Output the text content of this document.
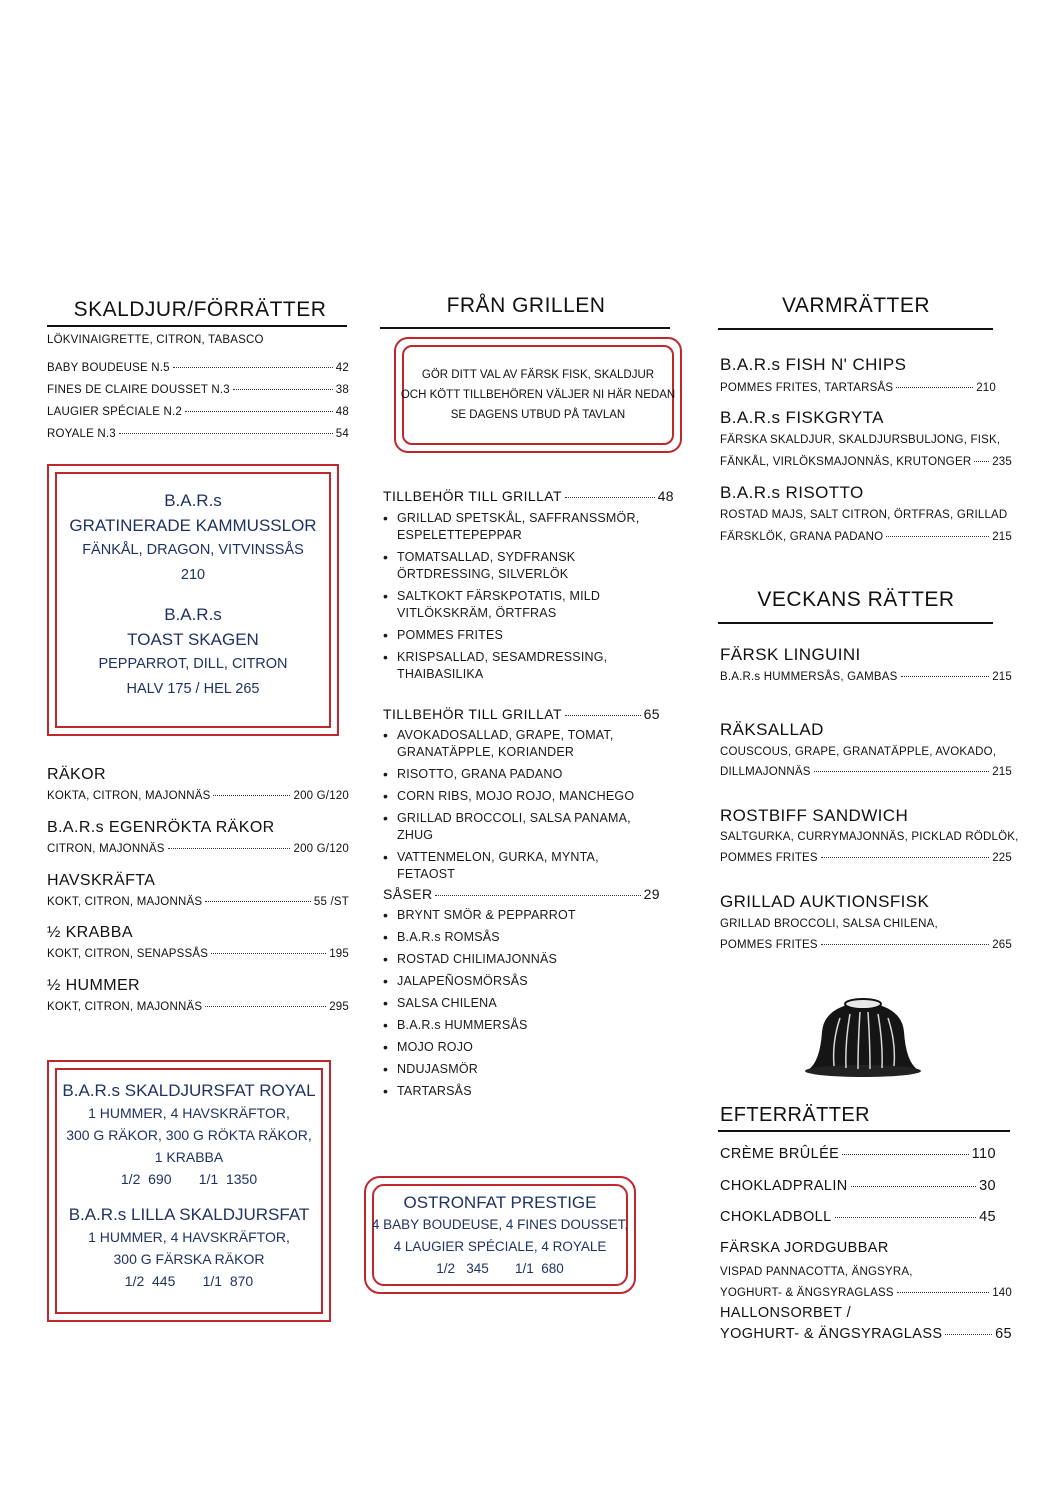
SKALDJUR/FÖRRÄTTER
LÖKVINAIGRETTE, CITRON, TABASCO
BABY BOUDEUSE N.5	42
FINES DE CLAIRE DOUSSET N.3	38
LAUGIER SPÉCIALE N.2	48
ROYALE N.3	54
B.A.R.s
GRATINERADE KAMMUSSLOR
FÄNKÅL, DRAGON, VITVINSSÅS
210
B.A.R.s
TOAST SKAGEN
PEPPARROT, DILL, CITRON
HALV 175 / HEL 265
RÄKOR
KOKTA, CITRON, MAJONNÄS	200 G/120
B.A.R.s EGENRÖKTA RÄKOR
CITRON, MAJONNÄS	200 G/120
HAVSKRÄFTA
KOKT, CITRON, MAJONNÄS	55 /ST
½ KRABBA
KOKT, CITRON, SENAPSSÅS	195
½ HUMMER
KOKT, CITRON, MAJONNÄS	295
B.A.R.s SKALDJURSFAT ROYAL
1 HUMMER, 4 HAVSKRÄFTOR,
300 G RÄKOR, 300 G RÖKTA RÄKOR,
1 KRABBA
1/2  690       1/1  1350
B.A.R.s LILLA SKALDJURSFAT
1 HUMMER, 4 HAVSKRÄFTOR,
300 G FÄRSKA RÄKOR
1/2  445       1/1  870
FRÅN GRILLEN
GÖR DITT VAL AV FÄRSK FISK, SKALDJUR
OCH KÖTT TILLBEHÖREN VÄLJER NI HÄR NEDAN
SE DAGENS UTBUD PÅ TAVLAN
TILLBEHÖR TILL GRILLAT	48
• GRILLAD SPETSKÅL, SAFFRANSSMÖR, ESPELETTEPEPPAR
• TOMATSALLAD, SYDFRANSK ÖRTDRESSING, SILVERLÖK
• SALTKOKT FÄRSKPOTATIS, MILD VITLÖKSKRÄM, ÖRTFRAS
• POMMES FRITES
• KRISPSALLAD, SESAMDRESSING, THAIBASILIKA
TILLBEHÖR TILL GRILLAT	65
• AVOKADOSALLAD, GRAPE, TOMAT, GRANATÄPPLE, KORIANDER
• RISOTTO, GRANA PADANO
• CORN RIBS, MOJO ROJO, MANCHEGO
• GRILLAD BROCCOLI, SALSA PANAMA, ZHUG
• VATTENMELON, GURKA, MYNTA, FETAOST
SÅSER	29
• BRYNT SMÖR & PEPPARROT
• B.A.R.s ROMSÅS
• ROSTAD CHILIMAJONNÄS
• JALAPEÑOSMÖRSÅS
• SALSA CHILENA
• B.A.R.s HUMMERSÅS
• MOJO ROJO
• NDUJASMÖR
• TARTARSÅS
OSTRONFAT PRESTIGE
4 BABY BOUDEUSE, 4 FINES DOUSSET,
4 LAUGIER SPÉCIALE, 4 ROYALE
1/2   345       1/1  680
VARMRÄTTER
B.A.R.s FISH N' CHIPS
POMMES FRITES, TARTARSÅS	210
B.A.R.s FISKGRYTA
FÄRSKA SKALDJUR, SKALDJURSBULJONG, FISK,
FÄNKÅL, VIRLÖKSMAJONNÄS, KRUTONGER 235
B.A.R.s RISOTTO
ROSTAD MAJS, SALT CITRON, ÖRTFRAS, GRILLAD
FÄRSKLÖK, GRANA PADANO	215
VECKANS RÄTTER
FÄRSK LINGUINI
B.A.R.s HUMMERSÅS, GAMBAS	215
RÄKSALLAD
COUSCOUS, GRAPE, GRANATÄPPLE, AVOKADO,
DILLMAJONNÄS	215
ROSTBIFF SANDWICH
SALTGURKA, CURRYMAJONNÄS, PICKLAD RÖDLÖK,
POMMES FRITES	225
GRILLAD AUKTIONSFISK
GRILLAD BROCCOLI, SALSA CHILENA,
POMMES FRITES	265
EFTERRÄTTER
CRÈME BRÛLÉE	110
CHOKLADPRALIN	30
CHOKLADBOLL	45
FÄRSKA JORDGUBBAR
VISPAD PANNACOTTA, ÄNGSYRA,
YOGHURT- & ÄNGSYRAGLASS	140
HALLONSORBET /
YOGHURT- & ÄNGSYRAGLASS	65
